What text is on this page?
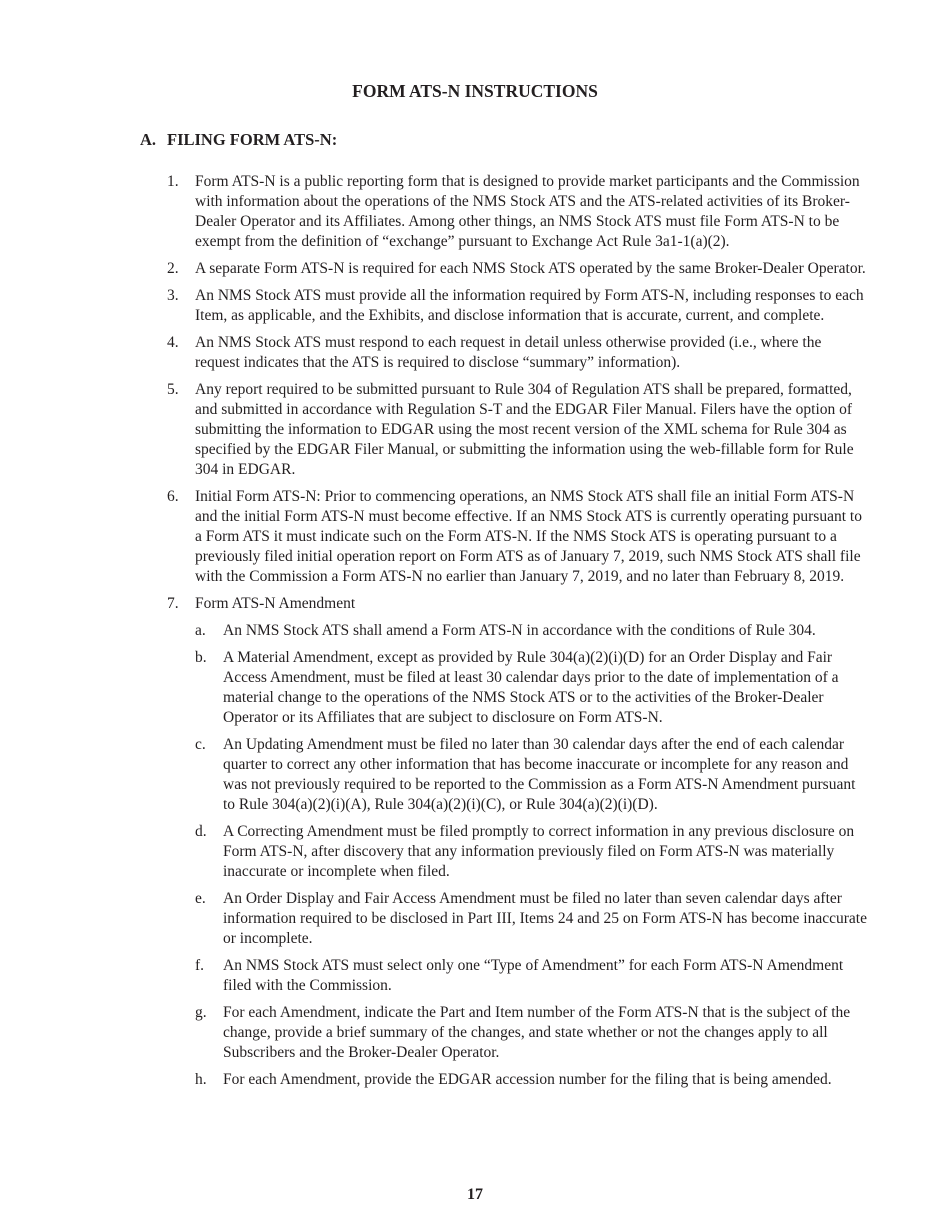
FORM ATS-N INSTRUCTIONS
A. FILING FORM ATS-N:
1. Form ATS-N is a public reporting form that is designed to provide market participants and the Commission with information about the operations of the NMS Stock ATS and the ATS-related activities of its Broker-Dealer Operator and its Affiliates. Among other things, an NMS Stock ATS must file Form ATS-N to be exempt from the definition of “exchange” pursuant to Exchange Act Rule 3a1-1(a)(2).
2. A separate Form ATS-N is required for each NMS Stock ATS operated by the same Broker-Dealer Operator.
3. An NMS Stock ATS must provide all the information required by Form ATS-N, including responses to each Item, as applicable, and the Exhibits, and disclose information that is accurate, current, and complete.
4. An NMS Stock ATS must respond to each request in detail unless otherwise provided (i.e., where the request indicates that the ATS is required to disclose “summary” information).
5. Any report required to be submitted pursuant to Rule 304 of Regulation ATS shall be prepared, formatted, and submitted in accordance with Regulation S-T and the EDGAR Filer Manual. Filers have the option of submitting the information to EDGAR using the most recent version of the XML schema for Rule 304 as specified by the EDGAR Filer Manual, or submitting the information using the web-fillable form for Rule 304 in EDGAR.
6. Initial Form ATS-N: Prior to commencing operations, an NMS Stock ATS shall file an initial Form ATS-N and the initial Form ATS-N must become effective. If an NMS Stock ATS is currently operating pursuant to a Form ATS it must indicate such on the Form ATS-N. If the NMS Stock ATS is operating pursuant to a previously filed initial operation report on Form ATS as of January 7, 2019, such NMS Stock ATS shall file with the Commission a Form ATS-N no earlier than January 7, 2019, and no later than February 8, 2019.
7. Form ATS-N Amendment
a. An NMS Stock ATS shall amend a Form ATS-N in accordance with the conditions of Rule 304.
b. A Material Amendment, except as provided by Rule 304(a)(2)(i)(D) for an Order Display and Fair Access Amendment, must be filed at least 30 calendar days prior to the date of implementation of a material change to the operations of the NMS Stock ATS or to the activities of the Broker-Dealer Operator or its Affiliates that are subject to disclosure on Form ATS-N.
c. An Updating Amendment must be filed no later than 30 calendar days after the end of each calendar quarter to correct any other information that has become inaccurate or incomplete for any reason and was not previously required to be reported to the Commission as a Form ATS-N Amendment pursuant to Rule 304(a)(2)(i)(A), Rule 304(a)(2)(i)(C), or Rule 304(a)(2)(i)(D).
d. A Correcting Amendment must be filed promptly to correct information in any previous disclosure on Form ATS-N, after discovery that any information previously filed on Form ATS-N was materially inaccurate or incomplete when filed.
e. An Order Display and Fair Access Amendment must be filed no later than seven calendar days after information required to be disclosed in Part III, Items 24 and 25 on Form ATS-N has become inaccurate or incomplete.
f. An NMS Stock ATS must select only one “Type of Amendment” for each Form ATS-N Amendment filed with the Commission.
g. For each Amendment, indicate the Part and Item number of the Form ATS-N that is the subject of the change, provide a brief summary of the changes, and state whether or not the changes apply to all Subscribers and the Broker-Dealer Operator.
h. For each Amendment, provide the EDGAR accession number for the filing that is being amended.
17
